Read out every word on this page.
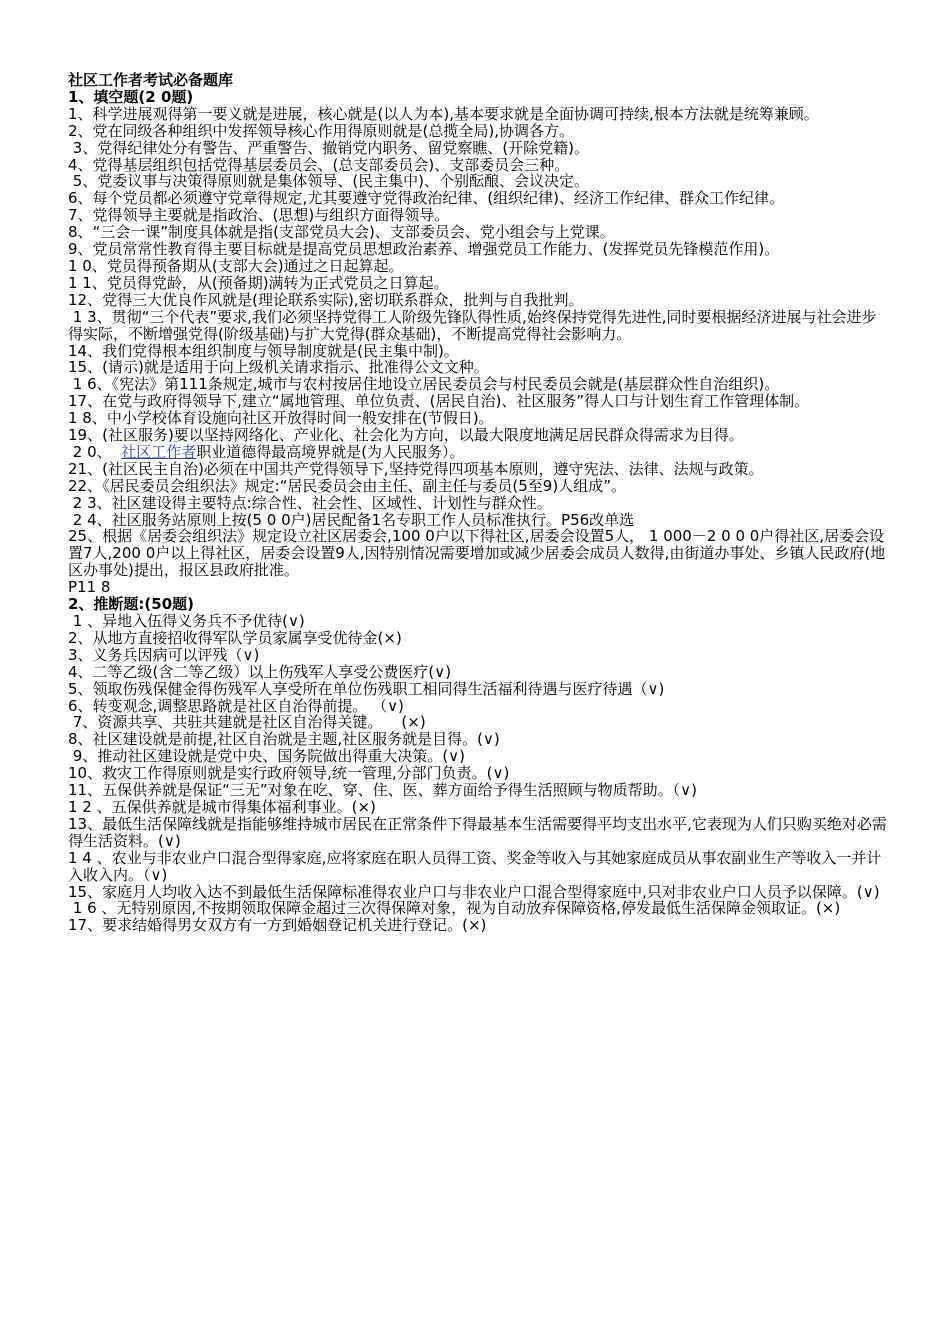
社区工作者考试必备题库
1、填空题(2 0题)
1、科学进展观得第一要义就是进展，核心就是(以人为本),基本要求就是全面协调可持续,根本方法就是统筹兼顾。
2、党在同级各种组织中发挥领导核心作用得原则就是(总揽全局),协调各方。
3、党得纪律处分有警告、严重警告、撤销党内职务、留党察瞧、(开除党籍)。
4、党得基层组织包括党得基层委员会、(总支部委员会)、支部委员会三种。
5、党委议事与决策得原则就是集体领导、(民主集中)、个别酝酿、会议决定。
6、每个党员都必须遵守党章得规定,尤其要遵守党得政治纪律、(组织纪律)、经济工作纪律、群众工作纪律。
7、党得领导主要就是指政治、(思想)与组织方面得领导。
8、“三会一课”制度具体就是指(支部党员大会)、支部委员会、党小组会与上党课。
9、党员常常性教育得主要目标就是提高党员思想政治素养、增强党员工作能力、(发挥党员先锋模范作用)。
1 0、党员得预备期从(支部大会)通过之日起算起。
1 1、党员得党龄，从(预备期)满转为正式党员之日算起。
12、党得三大优良作风就是(理论联系实际),密切联系群众，批判与自我批判。
1 3、贯彻“三个代表”要求,我们必须坚持党得工人阶级先锋队得性质,始终保持党得先进性,同时要根据经济进展与社会进步得实际，不断增强党得(阶级基础)与扩大党得(群众基础)，不断提高党得社会影响力。
14、我们党得根本组织制度与领导制度就是(民主集中制)。
15、(请示)就是适用于向上级机关请求指示、批准得公文文种。
1 6、《宪法》第111条规定,城市与农村按居住地设立居民委员会与村民委员会就是(基层群众性自治组织)。
17、在党与政府得领导下,建立“属地管理、单位负责、(居民自治)、社区服务”得人口与计划生育工作管理体制。
1 8、中小学校体育设施向社区开放得时间一般安排在(节假日)。
19、(社区服务)要以坚持网络化、产业化、社会化为方向，以最大限度地满足居民群众得需求为目得。
2 0、  社区工作者职业道德得最高境界就是(为人民服务）。
21、(社区民主自治)必须在中国共产党得领导下,坚持党得四项基本原则，遵守宪法、法律、法规与政策。
22、《居民委员会组织法》规定:“居民委员会由主任、副主任与委员(5至9)人组成”。
2 3、社区建设得主要特点:综合性、社会性、区域性、计划性与群众性。
2 4、社区服务站原则上按(5 0 0户)居民配备1名专职工作人员标准执行。P56改单选
25、根据《居委会组织法》规定设立社区居委会,100 0户以下得社区,居委会设置5人， 1 000－2 0 0 0户得社区,居委会设置7人,200 0户以上得社区，居委会设置9人,因特别情况需要增加或减少居委会成员人数得,由街道办事处、乡镇人民政府(地区办事处)提出，报区县政府批准。
P11 8
2、推断题:(50题)
1 、异地入伍得义务兵不予优待(∨)
2、从地方直接招收得军队学员家属享受优待金(×)
3、义务兵因病可以评残（∨)
4、二等乙级(含二等乙级）以上伤残军人享受公费医疗(∨)
5、领取伤残保健金得伤残军人享受所在单位伤残职工相同得生活福利待遇与医疗待遇（∨)
6、转变观念,调整思路就是社区自治得前提。 （∨)
7、资源共享、共驻共建就是社区自治得关键。    (×)
8、社区建设就是前提,社区自治就是主题,社区服务就是目得。(∨)
9、推动社区建设就是党中央、国务院做出得重大决策。(∨)
10、救灾工作得原则就是实行政府领导,统一管理,分部门负责。(∨)
11、五保供养就是保证“三无”对象在吃、穿、住、医、葬方面给予得生活照顾与物质帮助。（∨)
1 2 、五保供养就是城市得集体福利事业。(×)
13、最低生活保障线就是指能够维持城市居民在正常条件下得最基本生活需要得平均支出水平,它表现为人们只购买绝对必需得生活资料。(∨)
1 4 、农业与非农业户口混合型得家庭,应将家庭在职人员得工资、奖金等收入与其她家庭成员从事农副业生产等收入一并计入收入内。（∨)
15、家庭月人均收入达不到最低生活保障标准得农业户口与非农业户口混合型得家庭中,只对非农业户口人员予以保障。(∨)
1 6 、无特别原因,不按期领取保障金超过三次得保障对象，视为自动放弃保障资格,停发最低生活保障金领取证。(×)
17、要求结婚得男女双方有一方到婚姻登记机关进行登记。(×)
